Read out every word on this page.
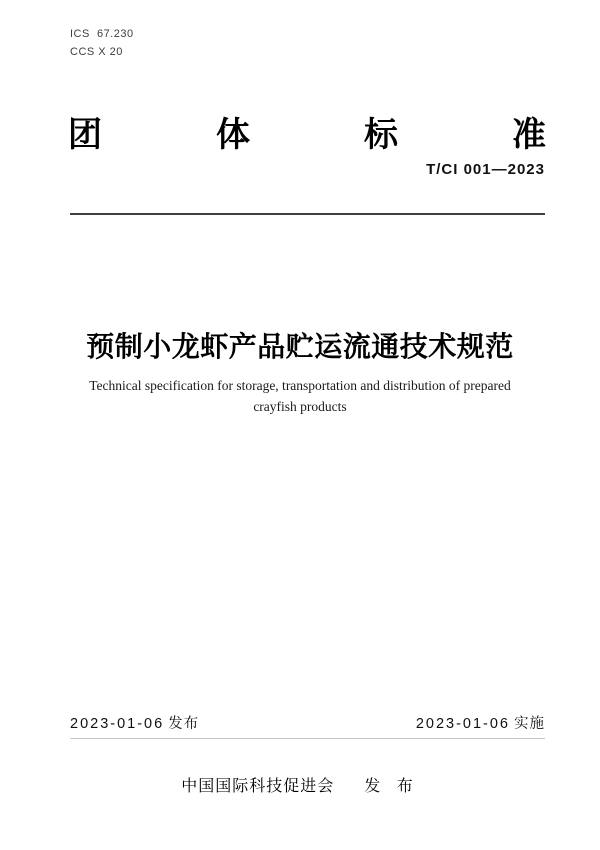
ICS  67.230
CCS X 20
团	体	标	准
T/CI 001—2023
预制小龙虾产品贮运流通技术规范
Technical specification for storage, transportation and distribution of prepared crayfish products
2023-01-06 发布	2023-01-06 实施
中国国际科技促进会 发 布
